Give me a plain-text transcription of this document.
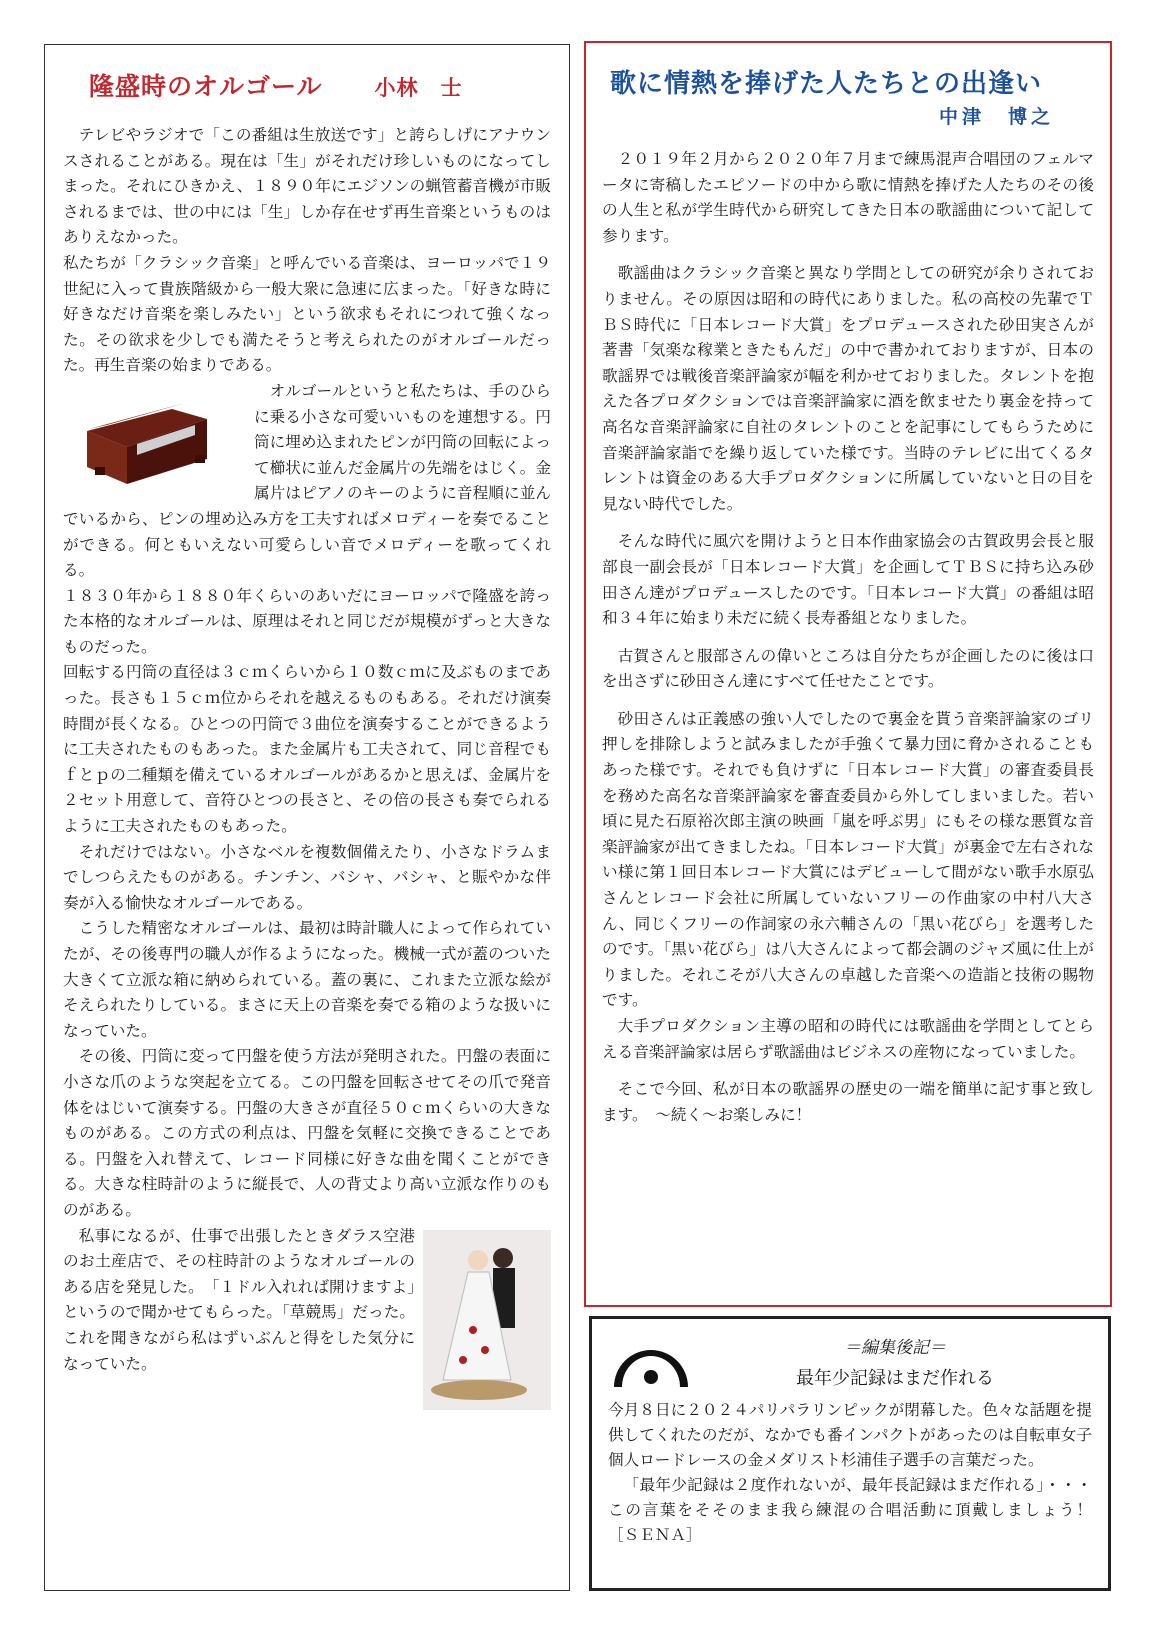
隆盛時のオルゴール 小林　士

テレビやラジオで「この番組は生放送です」と誇らしげにアナウンスされることがある。現在は「生」がそれだけ珍しいものになってしまった。それにひきかえ、１８９０年にエジソンの蝋管蓄音機が市販されるまでは、世の中には「生」しか存在せず再生音楽というものはありえなかった。

私たちが「クラシック音楽」と呼んでいる音楽は、ヨーロッパで１９世紀に入って貴族階級から一般大衆に急速に広まった。「好きな時に好きなだけ音楽を楽しみたい」という欲求もそれにつれて強くなった。その欲求を少しでも満たそうと考えられたのがオルゴールだった。再生音楽の始まりである。

オルゴールというと私たちは、手のひらに乗る小さな可愛いいものを連想する。円筒に埋め込まれたピンが円筒の回転によって櫛状に並んだ金属片の先端をはじく。金属片はピアノのキーのように音程順に並んでいるから、ピンの埋め込み方を工夫すればメロディーを奏でることができる。何ともいえない可愛らしい音でメロディーを歌ってくれる。

１８３０年から１８８０年くらいのあいだにヨーロッパで隆盛を誇った本格的なオルゴールは、原理はそれと同じだが規模がずっと大きなものだった。

回転する円筒の直径は３ｃｍくらいから１０数ｃｍに及ぶものまであった。長さも１５ｃｍ位からそれを越えるものもある。それだけ演奏時間が長くなる。ひとつの円筒で３曲位を演奏することができるように工夫されたものもあった。また金属片も工夫されて、同じ音程でもｆとｐの二種類を備えているオルゴールがあるかと思えば、金属片を２セット用意して、音符ひとつの長さと、その倍の長さも奏でられるように工夫されたものもあった。

それだけではない。小さなベルを複数個備えたり、小さなドラムまでしつらえたものがある。チンチン、バシャ、バシャ、と賑やかな伴奏が入る愉快なオルゴールである。

こうした精密なオルゴールは、最初は時計職人によって作られていたが、その後専門の職人が作るようになった。機械一式が蓋のついた大きくて立派な箱に納められている。蓋の裏に、これまた立派な絵がそえられたりしている。まさに天上の音楽を奏でる箱のような扱いになっていた。

その後、円筒に変って円盤を使う方法が発明された。円盤の表面に小さな爪のような突起を立てる。この円盤を回転させてその爪で発音体をはじいて演奏する。円盤の大きさが直径５０ｃｍくらいの大きなものがある。この方式の利点は、円盤を気軽に交換できることである。円盤を入れ替えて、レコード同様に好きな曲を聞くことができる。大きな柱時計のように縦長で、人の背丈より高い立派な作りのものがある。

私事になるが、仕事で出張したときダラス空港のお土産店で、その柱時計のようなオルゴールのある店を発見した。　「１ドル入れれば開けますよ」というので聞かせてもらった。「草競馬」だった。これを聞きながら私はずいぶんと得をした気分になっていた。

歌に情熱を捧げた人たちとの出逢い
中津　博之

２０１９年２月から２０２０年７月まで練馬混声合唱団のフェルマータに寄稿したエピソードの中から歌に情熱を捧げた人たちのその後の人生と私が学生時代から研究してきた日本の歌謡曲について記して参ります。

歌謡曲はクラシック音楽と異なり学問としての研究が余りされておりません。その原因は昭和の時代にありました。私の高校の先輩でＴＢＳ時代に「日本レコード大賞」をプロデュースされた砂田実さんが著書「気楽な稼業ときたもんだ」の中で書かれておりますが、日本の歌謡界では戦後音楽評論家が幅を利かせておりました。タレントを抱えた各プロダクションでは音楽評論家に酒を飲ませたり裏金を持って高名な音楽評論家に自社のタレントのことを記事にしてもらうために音楽評論家詣でを繰り返していた様です。当時のテレビに出てくるタレントは資金のある大手プロダクションに所属していないと日の目を見ない時代でした。

そんな時代に風穴を開けようと日本作曲家協会の古賀政男会長と服部良一副会長が「日本レコード大賞」を企画してＴＢＳに持ち込み砂田さん達がプロデュースしたのです。「日本レコード大賞」の番組は昭和３４年に始まり未だに続く長寿番組となりました。

古賀さんと服部さんの偉いところは自分たちが企画したのに後は口を出さずに砂田さん達にすべて任せたことです。

砂田さんは正義感の強い人でしたので裏金を貰う音楽評論家のゴリ押しを排除しようと試みましたが手強くて暴力団に脅かされることもあった様です。それでも負けずに「日本レコード大賞」の審査委員長を務めた高名な音楽評論家を審査委員から外してしまいました。若い頃に見た石原裕次郎主演の映画「嵐を呼ぶ男」にもその様な悪質な音楽評論家が出てきましたね。「日本レコード大賞」が裏金で左右されない様に第１回日本レコード大賞にはデビューして間がない歌手水原弘さんとレコード会社に所属していないフリーの作曲家の中村八大さん、同じくフリーの作詞家の永六輔さんの「黒い花びら」を選考したのです。「黒い花びら」は八大さんによって都会調のジャズ風に仕上がりました。それこそが八大さんの卓越した音楽への造詣と技術の賜物です。

大手プロダクション主導の昭和の時代には歌謡曲を学問としてとらえる音楽評論家は居らず歌謡曲はビジネスの産物になっていました。

そこで今回、私が日本の歌謡界の歴史の一端を簡単に記す事と致します。　～続く～お楽しみに！

＝編集後記＝
最年少記録はまだ作れる

今月８日に２０２４パリパラリンピックが閉幕した。色々な話題を提供してくれたのだが、なかでも番インパクトがあったのは自転車女子個人ロードレースの金メダリスト杉浦佳子選手の言葉だった。

「最年少記録は２度作れないが、最年長記録はまだ作れる」・・・この言葉をそそのまま我ら練混の合唱活動に頂戴しましょう！　　［ＳＥＮＡ］
